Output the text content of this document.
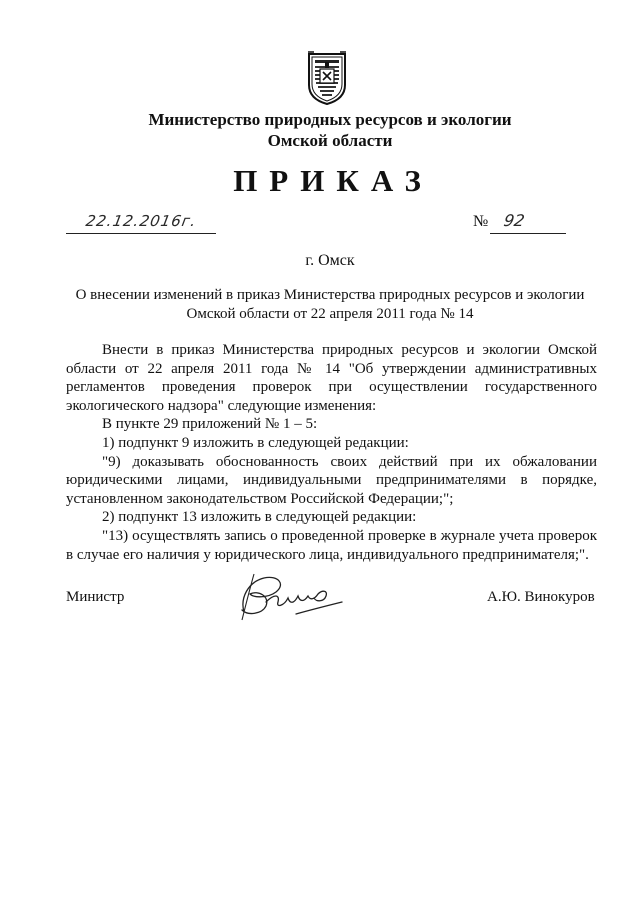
Министерство природных ресурсов и экологии
Омской области
ПРИКАЗ
22.12.2016г.	№ 92
г. Омск
О внесении изменений в приказ Министерства природных ресурсов и экологии
Омской области от 22 апреля 2011 года № 14

Внести в приказ Министерства природных ресурсов и экологии Омской области от 22 апреля 2011 года № 14 "Об утверждении административных регламентов проведения проверок при осуществлении государственного экологического надзора" следующие изменения:

В пункте 29 приложений № 1 – 5:

1) подпункт 9 изложить в следующей редакции:

"9) доказывать обоснованность своих действий при их обжаловании юридическими лицами, индивидуальными предпринимателями в порядке, установленном законодательством Российской Федерации;";

2) подпункт 13 изложить в следующей редакции:

"13) осуществлять запись о проведенной проверке в журнале учета проверок в случае его наличия у юридического лица, индивидуального предпринимателя;".

Министр	А.Ю. Винокуров
